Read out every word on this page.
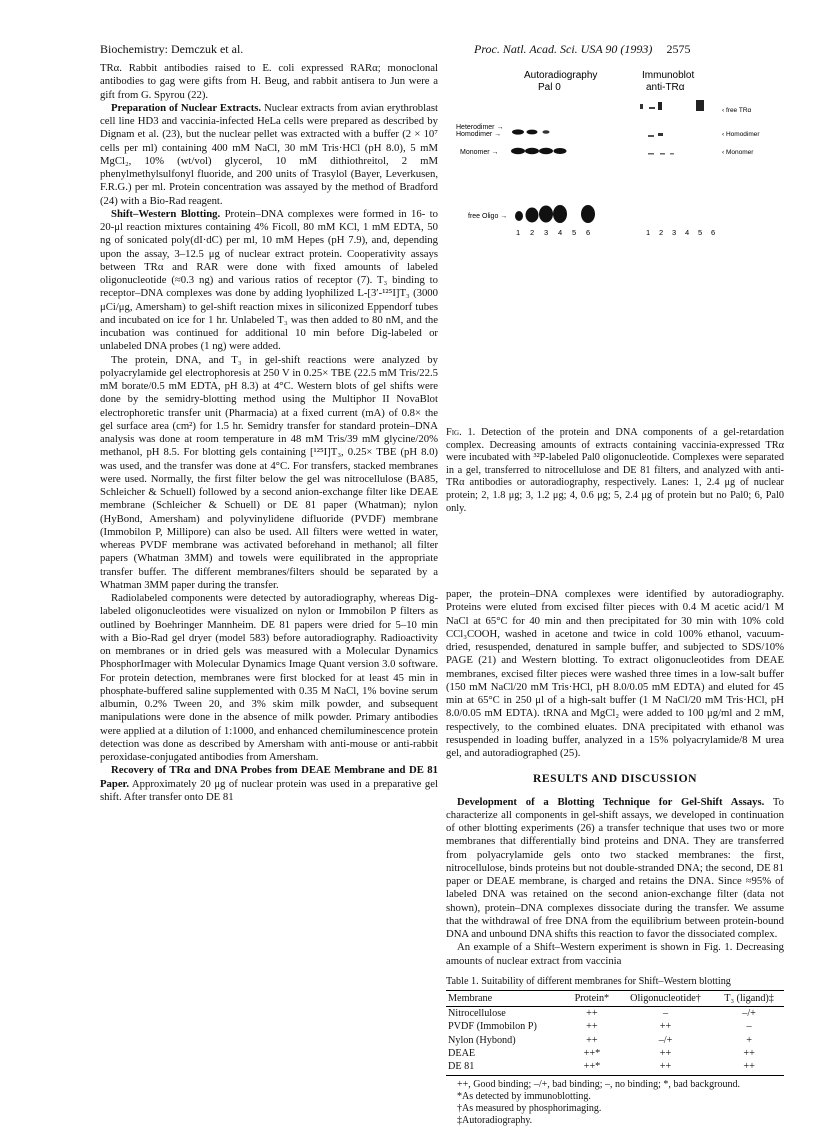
Biochemistry: Demczuk et al.	Proc. Natl. Acad. Sci. USA 90 (1993) 2575

TRα. Rabbit antibodies raised to E. coli expressed RARα; monoclonal antibodies to gag were gifts from H. Beug, and rabbit antisera to Jun were a gift from G. Spyrou (22).

Preparation of Nuclear Extracts. Nuclear extracts from avian erythroblast cell line HD3 and vaccinia-infected HeLa cells were prepared as described by Dignam et al. (23), but the nuclear pellet was extracted with a buffer (2 × 10⁷ cells per ml) containing 400 mM NaCl, 30 mM Tris·HCl (pH 8.0), 5 mM MgCl₂, 10% (wt/vol) glycerol, 10 mM dithiothreitol, 2 mM phenylmethylsulfonyl fluoride, and 200 units of Trasylol (Bayer, Leverkusen, F.R.G.) per ml. Protein concentration was assayed by the method of Bradford (24) with a Bio-Rad reagent.

Shift–Western Blotting. Protein–DNA complexes were formed in 16- to 20-μl reaction mixtures containing 4% Ficoll, 80 mM KCl, 1 mM EDTA, 50 ng of sonicated poly(dI·dC) per ml, 10 mM Hepes (pH 7.9), and, depending upon the assay, 3–12.5 μg of nuclear extract protein. Cooperativity assays between TRα and RAR were done with fixed amounts of labeled oligonucleotide (≈0.3 ng) and various ratios of receptor (7). T₃ binding to receptor–DNA complexes was done by adding lyophilized L-[3′-¹²⁵I]T₃ (3000 μCi/μg, Amersham) to gel-shift reaction mixes in siliconized Eppendorf tubes and incubated on ice for 1 hr. Unlabeled T₃ was then added to 80 nM, and the incubation was continued for additional 10 min before Dig-labeled or unlabeled DNA probes (1 ng) were added.

The protein, DNA, and T₃ in gel-shift reactions were analyzed by polyacrylamide gel electrophoresis at 250 V in 0.25× TBE (22.5 mM Tris/22.5 mM borate/0.5 mM EDTA, pH 8.3) at 4°C. Western blots of gel shifts were done by the semidry-blotting method using the Multiphor II NovaBlot electrophoretic transfer unit (Pharmacia) at a fixed current (mA) of 0.8× the gel surface area (cm²) for 1.5 hr. Semidry transfer for standard protein–DNA analysis was done at room temperature in 48 mM Tris/39 mM glycine/20% methanol, pH 8.5. For blotting gels containing [¹²⁵I]T₃, 0.25× TBE (pH 8.0) was used, and the transfer was done at 4°C. For transfers, stacked membranes were used. Normally, the first filter below the gel was nitrocellulose (BA85, Schleicher & Schuell) followed by a second anion-exchange filter like DEAE membrane (Schleicher & Schuell) or DE 81 paper (Whatman); nylon (HyBond, Amersham) and polyvinylidene difluoride (PVDF) membrane (Immobilon P, Millipore) can also be used. All filters were wetted in water, whereas PVDF membrane was activated beforehand in methanol; all filter papers (Whatman 3MM) and towels were equilibrated in the appropriate transfer buffer. The different membranes/filters should be separated by a Whatman 3MM paper during the transfer.

Radiolabeled components were detected by autoradiography, whereas Dig-labeled oligonucleotides were visualized on nylon or Immobilon P filters as outlined by Boehringer Mannheim. DE 81 papers were dried for 5–10 min with a Bio-Rad gel dryer (model 583) before autoradiography. Radioactivity on membranes or in dried gels was measured with a Molecular Dynamics PhosphorImager with Molecular Dynamics Image Quant version 3.0 software. For protein detection, membranes were first blocked for at least 45 min in phosphate-buffered saline supplemented with 0.35 M NaCl, 1% bovine serum albumin, 0.2% Tween 20, and 3% skim milk powder, and subsequent manipulations were done in the absence of milk powder. Primary antibodies were applied at a dilution of 1:1000, and enhanced chemiluminescence protein detection was done as described by Amersham with anti-mouse or anti-rabbit peroxidase-conjugated antibodies from Amersham.

Recovery of TRα and DNA Probes from DEAE Membrane and DE 81 Paper. Approximately 20 μg of nuclear protein was used in a preparative gel shift. After transfer onto DE 81

Autoradiography
Pal 0
Immunoblot
anti-TRα
Heterodimer →
Homodimer →
Monomer →
free Oligo →
‹ free TRα
‹ Homodimer
‹ Monomer
1 2 3 4 5 6	1 2 3 4 5 6
Fig. 1. Detection of the protein and DNA components of a gel-retardation complex. Decreasing amounts of extracts containing vaccinia-expressed TRα were incubated with ³²P-labeled Pal0 oligonucleotide. Complexes were separated in a gel, transferred to nitrocellulose and DE 81 filters, and analyzed with anti-TRα antibodies or autoradiography, respectively. Lanes: 1, 2.4 μg of nuclear protein; 2, 1.8 μg; 3, 1.2 μg; 4, 0.6 μg; 5, 2.4 μg of protein but no Pal0; 6, Pal0 only.

paper, the protein–DNA complexes were identified by autoradiography. Proteins were eluted from excised filter pieces with 0.4 M acetic acid/1 M NaCl at 65°C for 40 min and then precipitated for 30 min with 10% cold CCl₃COOH, washed in acetone and twice in cold 100% ethanol, vacuum-dried, resuspended, denatured in sample buffer, and subjected to SDS/10% PAGE (21) and Western blotting. To extract oligonucleotides from DEAE membranes, excised filter pieces were washed three times in a low-salt buffer (150 mM NaCl/20 mM Tris·HCl, pH 8.0/0.05 mM EDTA) and eluted for 45 min at 65°C in 250 μl of a high-salt buffer (1 M NaCl/20 mM Tris·HCl, pH 8.0/0.05 mM EDTA). tRNA and MgCl₂ were added to 100 μg/ml and 2 mM, respectively, to the combined eluates. DNA precipitated with ethanol was resuspended in loading buffer, analyzed in a 15% polyacrylamide/8 M urea gel, and autoradiographed (25).

RESULTS AND DISCUSSION

Development of a Blotting Technique for Gel-Shift Assays. To characterize all components in gel-shift assays, we developed in continuation of other blotting experiments (26) a transfer technique that uses two or more membranes that differentially bind proteins and DNA. They are transferred from polyacrylamide gels onto two stacked membranes: the first, nitrocellulose, binds proteins but not double-stranded DNA; the second, DE 81 paper or DEAE membrane, is charged and retains the DNA. Since ≈95% of labeled DNA was retained on the second anion-exchange filter (data not shown), protein–DNA complexes dissociate during the transfer. We assume that the withdrawal of free DNA from the equilibrium between protein-bound DNA and unbound DNA shifts this reaction to favor the dissociated complex.

An example of a Shift–Western experiment is shown in Fig. 1. Decreasing amounts of nuclear extract from vaccinia

Table 1. Suitability of different membranes for Shift–Western blotting
Membrane	Protein*	Oligonucleotide†	T₃ (ligand)‡
Nitrocellulose	++	–	–/+
PVDF (Immobilon P)	++	++	–
Nylon (Hybond)	++	–/+	+
DEAE	++*	++	++
DE 81	++*	++	++

++, Good binding; –/+, bad binding; –, no binding; *, bad background.

*As detected by immunoblotting.

†As measured by phosphorimaging.

‡Autoradiography.
